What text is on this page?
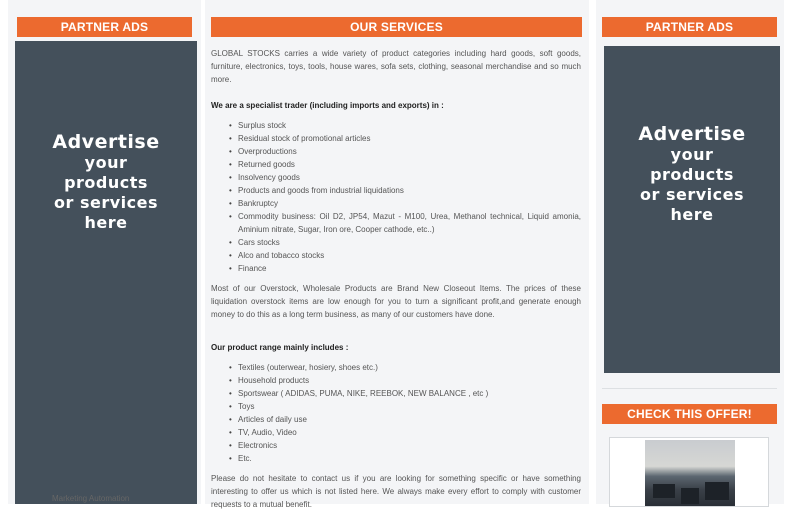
PARTNER ADS
Advertise
your
products
or services
here
Marketing Automation
OUR SERVICES

GLOBAL STOCKS carries a wide variety of product categories including hard goods, soft goods, furniture, electronics, toys, tools, house wares, sofa sets, clothing, seasonal merchandise and so much more.

We are a specialist trader (including imports and exports) in :

• Surplus stock
• Residual stock of promotional articles
• Overproductions
• Returned goods
• Insolvency goods
• Products and goods from industrial liquidations
• Bankruptcy
• Commodity business: Oil D2, JP54, Mazut - M100, Urea, Methanol technical, Liquid amonia, Aminium nitrate, Sugar, Iron ore, Cooper cathode, etc..)
• Cars stocks
• Alco and tobacco stocks
• Finance

Most of our Overstock, Wholesale Products are Brand New Closeout Items. The prices of these liquidation overstock items are low enough for you to turn a significant profit,and generate enough money to do this as a long term business, as many of our customers have done.

Our product range mainly includes :

• Textiles (outerwear, hosiery, shoes etc.)
• Household products
• Sportswear ( ADIDAS, PUMA, NIKE, REEBOK, NEW BALANCE , etc )
• Toys
• Articles of daily use
• TV, Audio, Video
• Electronics
• Etc.

Please do not hesitate to contact us if you are looking for something specific or have something interesting to offer us which is not listed here. We always make every effort to comply with customer requests to a mutual benefit.

PARTNER ADS
Advertise
your
products
or services
here
CHECK THIS OFFER!
